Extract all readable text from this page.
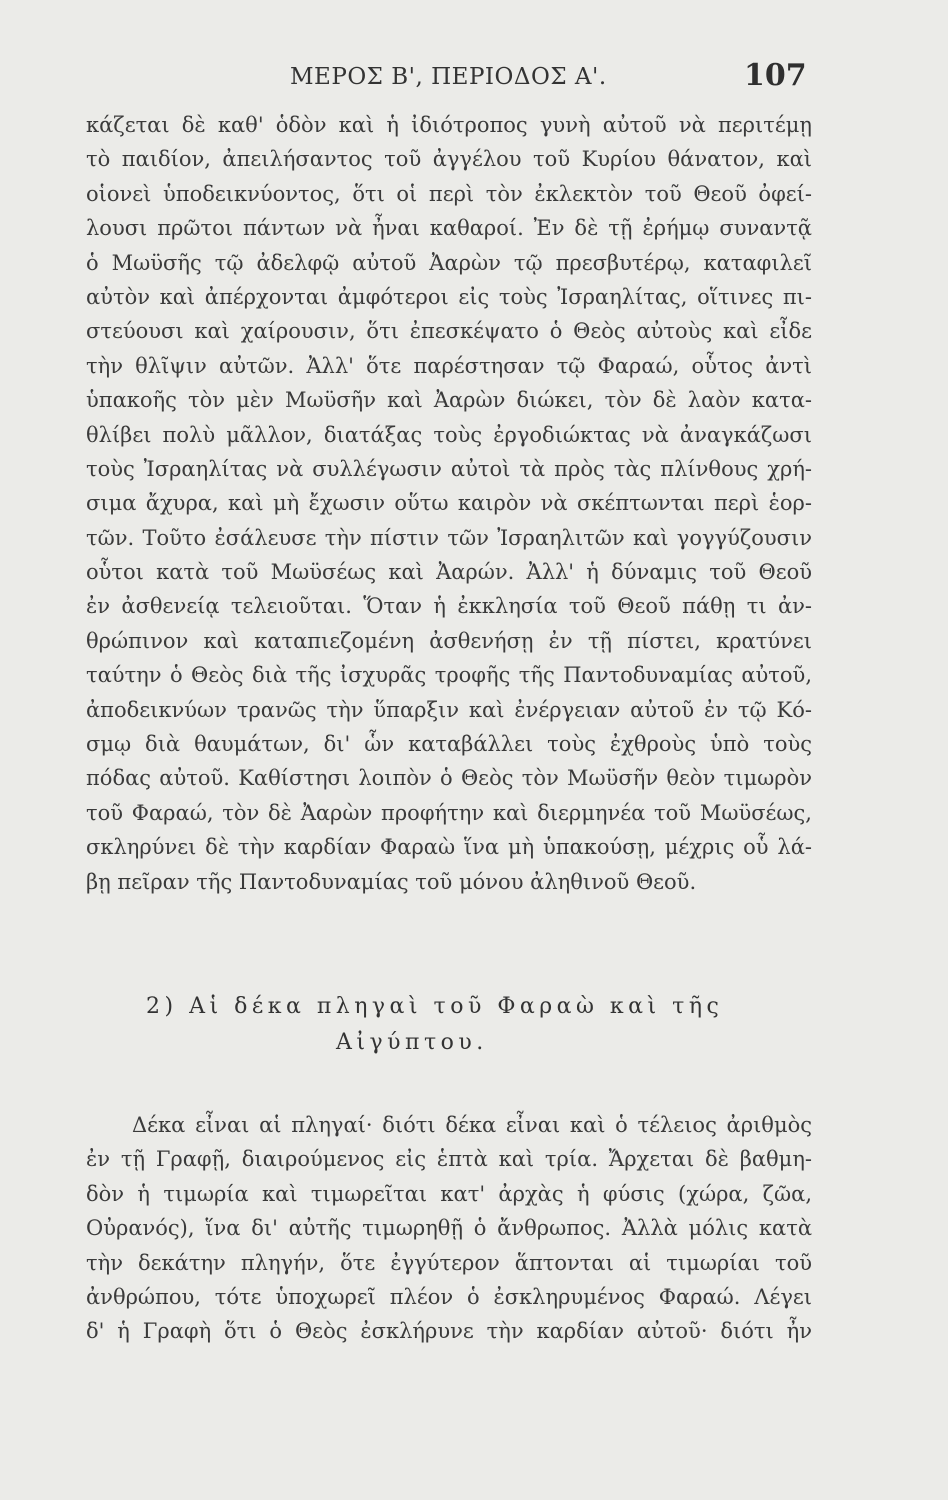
ΜΕΡΟΣ Β', ΠΕΡΙΟΔΟΣ Α'.	107
κάζεται δὲ καθ' ὁδὸν καὶ ἡ ἰδιότροπος γυνὴ αὐτοῦ νὰ περιτέμῃ
τὸ παιδίον, ἀπειλήσαντος τοῦ ἀγγέλου τοῦ Κυρίου θάνατον, καὶ
οἱονεὶ ὑποδεικνύοντος, ὅτι οἱ περὶ τὸν ἐκλεκτὸν τοῦ Θεοῦ ὀφεί-
λουσι πρῶτοι πάντων νὰ ἦναι καθαροί. Ἐν δὲ τῇ ἐρήμῳ συναντᾷ
ὁ Μωϋσῆς τῷ ἀδελφῷ αὐτοῦ Ἀαρὼν τῷ πρεσβυτέρῳ, καταφιλεῖ
αὐτὸν καὶ ἀπέρχονται ἀμφότεροι εἰς τοὺς Ἰσραηλίτας, οἵτινες πι-
στεύουσι καὶ χαίρουσιν, ὅτι ἐπεσκέψατο ὁ Θεὸς αὐτοὺς καὶ εἶδε
τὴν θλῖψιν αὐτῶν. Ἀλλ' ὅτε παρέστησαν τῷ Φαραώ, οὗτος ἀντὶ
ὑπακοῆς τὸν μὲν Μωϋσῆν καὶ Ἀαρὼν διώκει, τὸν δὲ λαὸν κατα-
θλίβει πολὺ μᾶλλον, διατάξας τοὺς ἐργοδιώκτας νὰ ἀναγκάζωσι
τοὺς Ἰσραηλίτας νὰ συλλέγωσιν αὐτοὶ τὰ πρὸς τὰς πλίνθους χρή-
σιμα ἄχυρα, καὶ μὴ ἔχωσιν οὕτω καιρὸν νὰ σκέπτωνται περὶ ἑορ-
τῶν. Τοῦτο ἐσάλευσε τὴν πίστιν τῶν Ἰσραηλιτῶν καὶ γογγύζουσιν
οὗτοι κατὰ τοῦ Μωϋσέως καὶ Ἀαρών. Ἀλλ' ἡ δύναμις τοῦ Θεοῦ
ἐν ἀσθενείᾳ τελειοῦται. Ὅταν ἡ ἐκκλησία τοῦ Θεοῦ πάθῃ τι ἀν-
θρώπινον καὶ καταπιεζομένη ἀσθενήσῃ ἐν τῇ πίστει, κρατύνει
ταύτην ὁ Θεὸς διὰ τῆς ἰσχυρᾶς τροφῆς τῆς Παντοδυναμίας αὐτοῦ,
ἀποδεικνύων τρανῶς τὴν ὕπαρξιν καὶ ἐνέργειαν αὐτοῦ ἐν τῷ Κό-
σμῳ διὰ θαυμάτων, δι' ὧν καταβάλλει τοὺς ἐχθροὺς ὑπὸ τοὺς
πόδας αὐτοῦ. Καθίστησι λοιπὸν ὁ Θεὸς τὸν Μωϋσῆν θεὸν τιμωρὸν
τοῦ Φαραώ, τὸν δὲ Ἀαρὼν προφήτην καὶ διερμηνέα τοῦ Μωϋσέως,
σκληρύνει δὲ τὴν καρδίαν Φαραὼ ἵνα μὴ ὑπακούσῃ, μέχρις οὗ λά-
βῃ πεῖραν τῆς Παντοδυναμίας τοῦ μόνου ἀληθινοῦ Θεοῦ.
2) Αἱ δέκα πληγαὶ τοῦ Φαραὼ καὶ τῆς
Αἰγύπτου.
Δέκα εἶναι αἱ πληγαί· διότι δέκα εἶναι καὶ ὁ τέλειος ἀριθμὸς
ἐν τῇ Γραφῇ, διαιρούμενος εἰς ἑπτὰ καὶ τρία. Ἄρχεται δὲ βαθμη-
δὸν ἡ τιμωρία καὶ τιμωρεῖται κατ' ἀρχὰς ἡ φύσις (χώρα, ζῶα,
Οὐρανός), ἵνα δι' αὐτῆς τιμωρηθῇ ὁ ἄνθρωπος. Ἀλλὰ μόλις κατὰ
τὴν δεκάτην πληγήν, ὅτε ἐγγύτερον ἅπτονται αἱ τιμωρίαι τοῦ
ἀνθρώπου, τότε ὑποχωρεῖ πλέον ὁ ἐσκληρυμένος Φαραώ. Λέγει
δ' ἡ Γραφὴ ὅτι ὁ Θεὸς ἐσκλήρυνε τὴν καρδίαν αὐτοῦ· διότι ἦν
